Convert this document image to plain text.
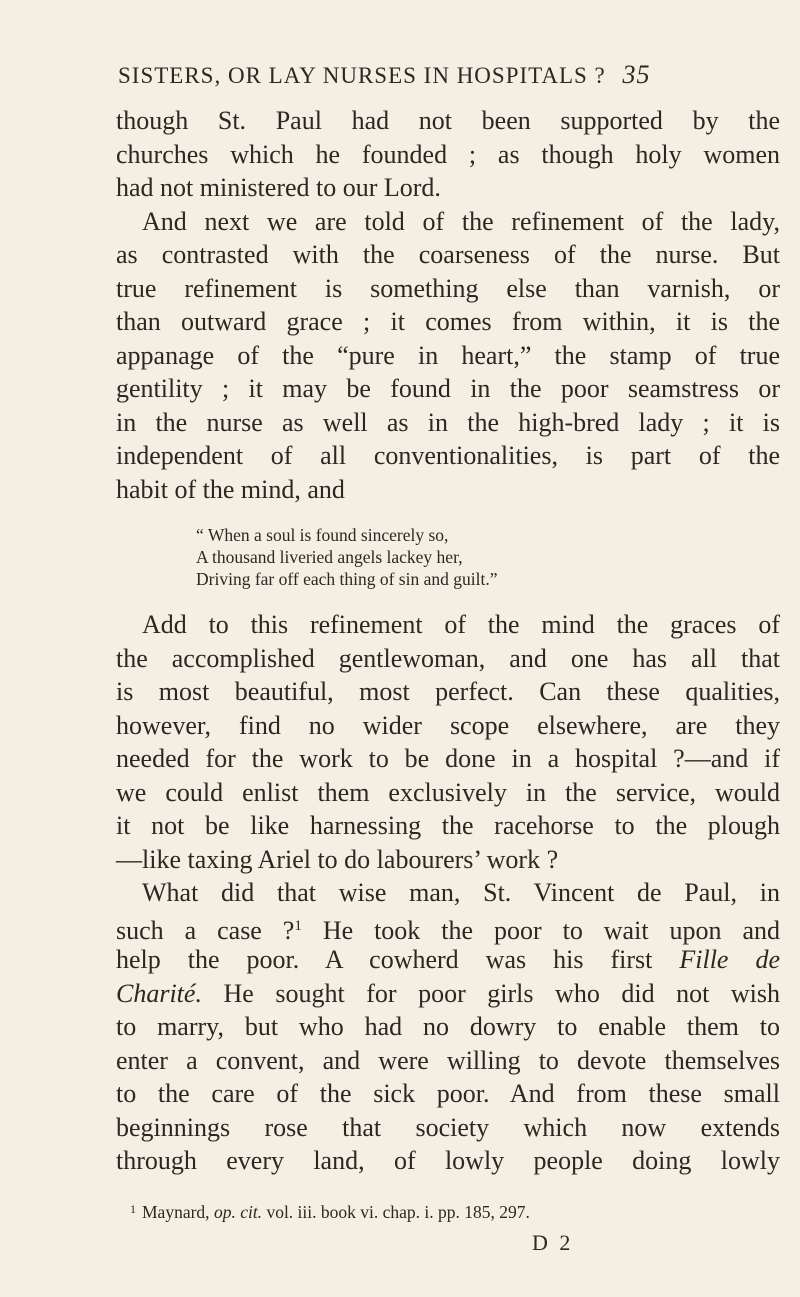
SISTERS, OR LAY NURSES IN HOSPITALS ? 35
though St. Paul had not been supported by the
churches which he founded ; as though holy women
had not ministered to our Lord.
And next we are told of the refinement of the lady,
as contrasted with the coarseness of the nurse. But
true refinement is something else than varnish, or
than outward grace ; it comes from within, it is the
appanage of the “pure in heart,” the stamp of true
gentility ; it may be found in the poor seamstress or
in the nurse as well as in the high-bred lady ; it is
independent of all conventionalities, is part of the
habit of the mind, and
“ When a soul is found sincerely so,
A thousand liveried angels lackey her,
Driving far off each thing of sin and guilt.”
Add to this refinement of the mind the graces of
the accomplished gentlewoman, and one has all that
is most beautiful, most perfect. Can these qualities,
however, find no wider scope elsewhere, are they
needed for the work to be done in a hospital ?—and if
we could enlist them exclusively in the service, would
it not be like harnessing the racehorse to the plough
—like taxing Ariel to do labourers’ work ?
What did that wise man, St. Vincent de Paul, in
such a case ?$^1$ He took the poor to wait upon and
help the poor. A cowherd was his first Fille de
Charité. He sought for poor girls who did not wish
to marry, but who had no dowry to enable them to
enter a convent, and were willing to devote themselves
to the care of the sick poor. And from these small
beginnings rose that society which now extends
through every land, of lowly people doing lowly
$^1$ Maynard, op. cit. vol. iii. book vi. chap. i. pp. 185, 297.
D 2
